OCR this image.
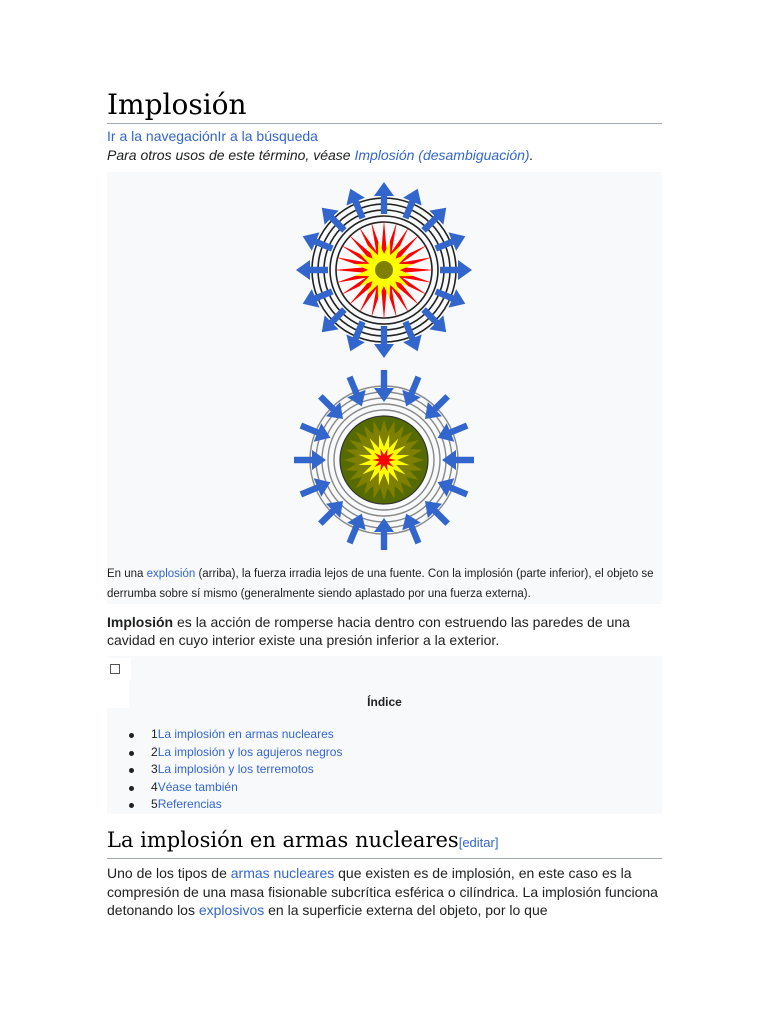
Implosión
Ir a la navegaciónIr a la búsqueda
Para otros usos de este término, véase Implosión (desambiguación).
En una explosión (arriba), la fuerza irradia lejos de una fuente. Con la implosión (parte inferior), el objeto se derrumba sobre sí mismo (generalmente siendo aplastado por una fuerza externa).

Implosión es la acción de romperse hacia dentro con estruendo las paredes de una cavidad en cuyo interior existe una presión inferior a la exterior.

Índice
1La implosión en armas nucleares
2La implosión y los agujeros negros
3La implosión y los terremotos
4Véase también
5Referencias
La implosión en armas nucleares[editar]

Uno de los tipos de armas nucleares que existen es de implosión, en este caso es la compresión de una masa fisionable subcrítica esférica o cilíndrica. La implosión funciona detonando los explosivos en la superficie externa del objeto, por lo que
